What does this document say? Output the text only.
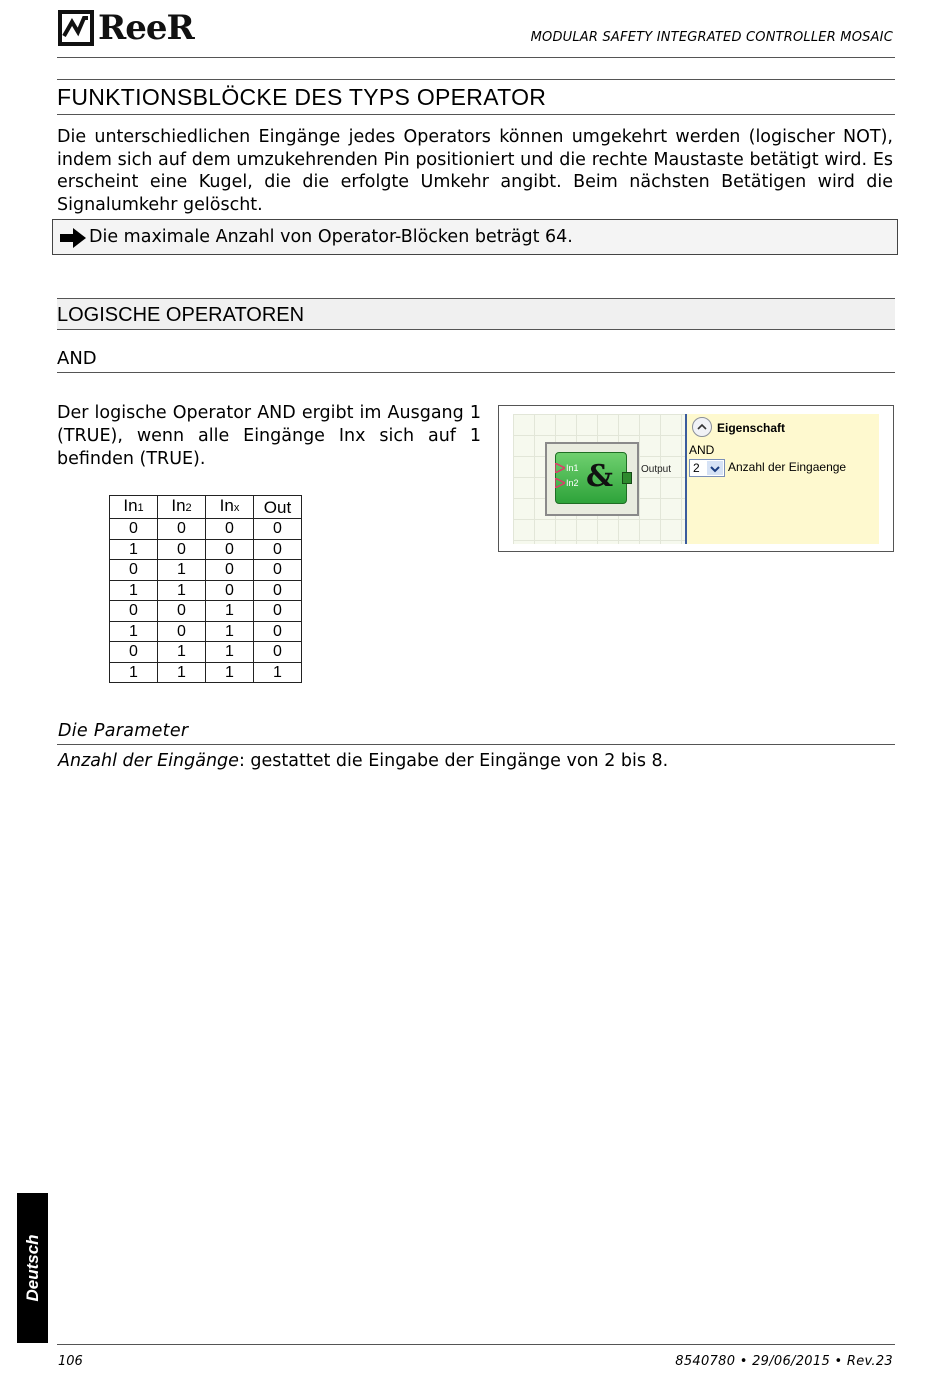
ReeR	MODULAR SAFETY INTEGRATED CONTROLLER MOSAIC
FUNKTIONSBLÖCKE DES TYPS OPERATOR
Die unterschiedlichen Eingänge jedes Operators können umgekehrt werden (logischer NOT), indem sich auf dem umzukehrenden Pin positioniert und die rechte Maustaste betätigt wird. Es erscheint eine Kugel, die die erfolgte Umkehr angibt. Beim nächsten Betätigen wird die Signalumkehr gelöscht.
Die maximale Anzahl von Operator-Blöcken beträgt 64.
LOGISCHE OPERATOREN
AND
Der logische Operator AND ergibt im Ausgang 1 (TRUE), wenn alle Eingänge Inx sich auf 1 befinden (TRUE).
In1	In2	Inx	Out
0	0	0	0
1	0	0	0
0	1	0	0
1	1	0	0
0	0	1	0
1	0	1	0
0	1	1	0
1	1	1	1
In1
In2 &	Output
Eigenschaft
AND
2 Anzahl der Eingaenge
Die Parameter
Anzahl der Eingänge: gestattet die Eingabe der Eingänge von 2 bis 8.
Deutsch
106	8540780 • 29/06/2015 • Rev.23
